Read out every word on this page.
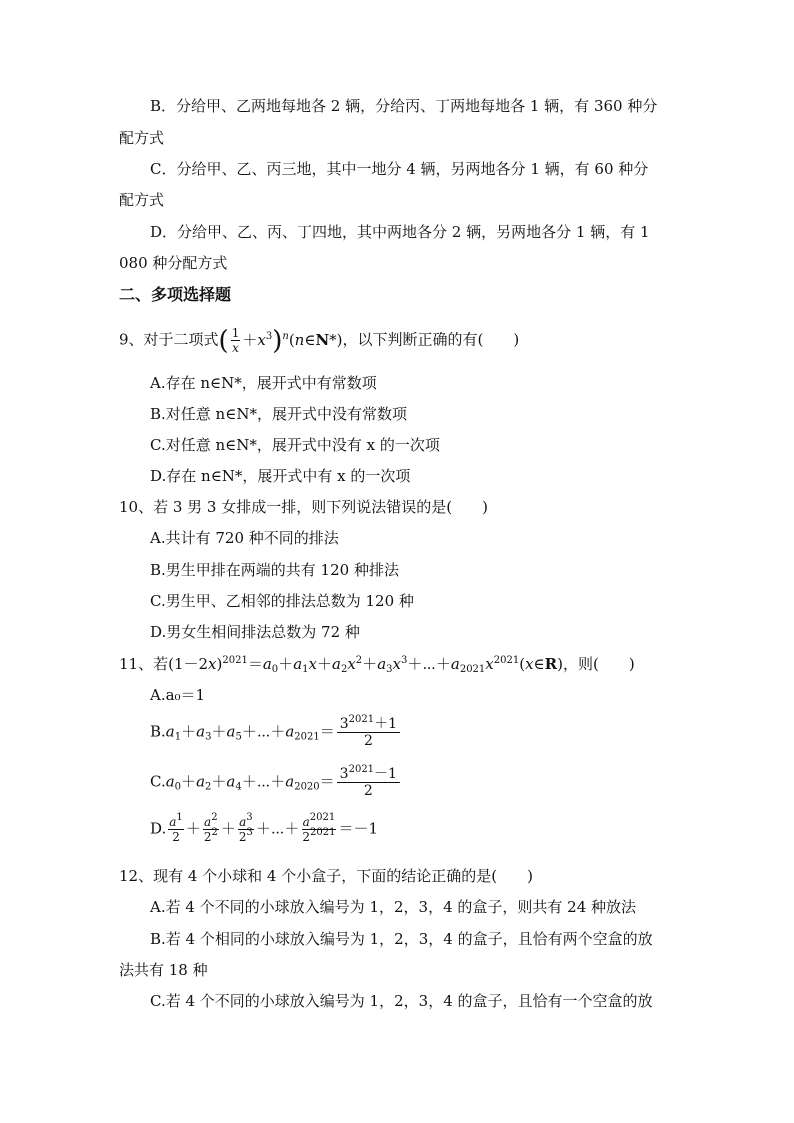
B．分给甲、乙两地每地各 2 辆，分给丙、丁两地每地各 1 辆，有 360 种分
配方式
C．分给甲、乙、丙三地，其中一地分 4 辆，另两地各分 1 辆，有 60 种分
配方式
D．分给甲、乙、丙、丁四地，其中两地各分 2 辆，另两地各分 1 辆，有 1
080 种分配方式
二、多项选择题
9、对于二项式( $\frac{1}{x}$ $+x^3)^n(n\in N*)$，以下判断正确的有(　　)
A.存在 n∈N*，展开式中有常数项
B.对任意 n∈N*，展开式中没有常数项
C.对任意 n∈N*，展开式中没有 x 的一次项
D.存在 n∈N*，展开式中有 x 的一次项
10、若 3 男 3 女排成一排，则下列说法错误的是(　　)
A.共计有 720 种不同的排法
B.男生甲排在两端的共有 120 种排法
C.男生甲、乙相邻的排法总数为 120 种
D.男女生相间排法总数为 72 种
11、若$(1-2x)^{2021}=a_0+a_1x+a_2x^2+a_3x^3+\cdots+a_{2021}x^{2021}(x\in R)$，则(　　)
A.a₀＝1
$B.a_1+a_3+a_5+\cdots+a_{2021}= \frac{3^{2021}+1}{2}$
$C.a_0+a_2+a_4+\cdots+a_{2020}= \frac{3^{2021}-1}{2}$
D. $\frac{a^1}{2} + \frac{a^2}{2^2} + \frac{a^3}{2^3}$ ＋⋯＋ $\frac{a^{2021}}{2^{2021}} =-1$
12、现有 4 个小球和 4 个小盒子，下面的结论正确的是(　　)
A.若 4 个不同的小球放入编号为 1，2，3，4 的盒子，则共有 24 种放法
B.若 4 个相同的小球放入编号为 1，2，3，4 的盒子，且恰有两个空盒的放
法共有 18 种
C.若 4 个不同的小球放入编号为 1，2，3，4 的盒子，且恰有一个空盒的放
